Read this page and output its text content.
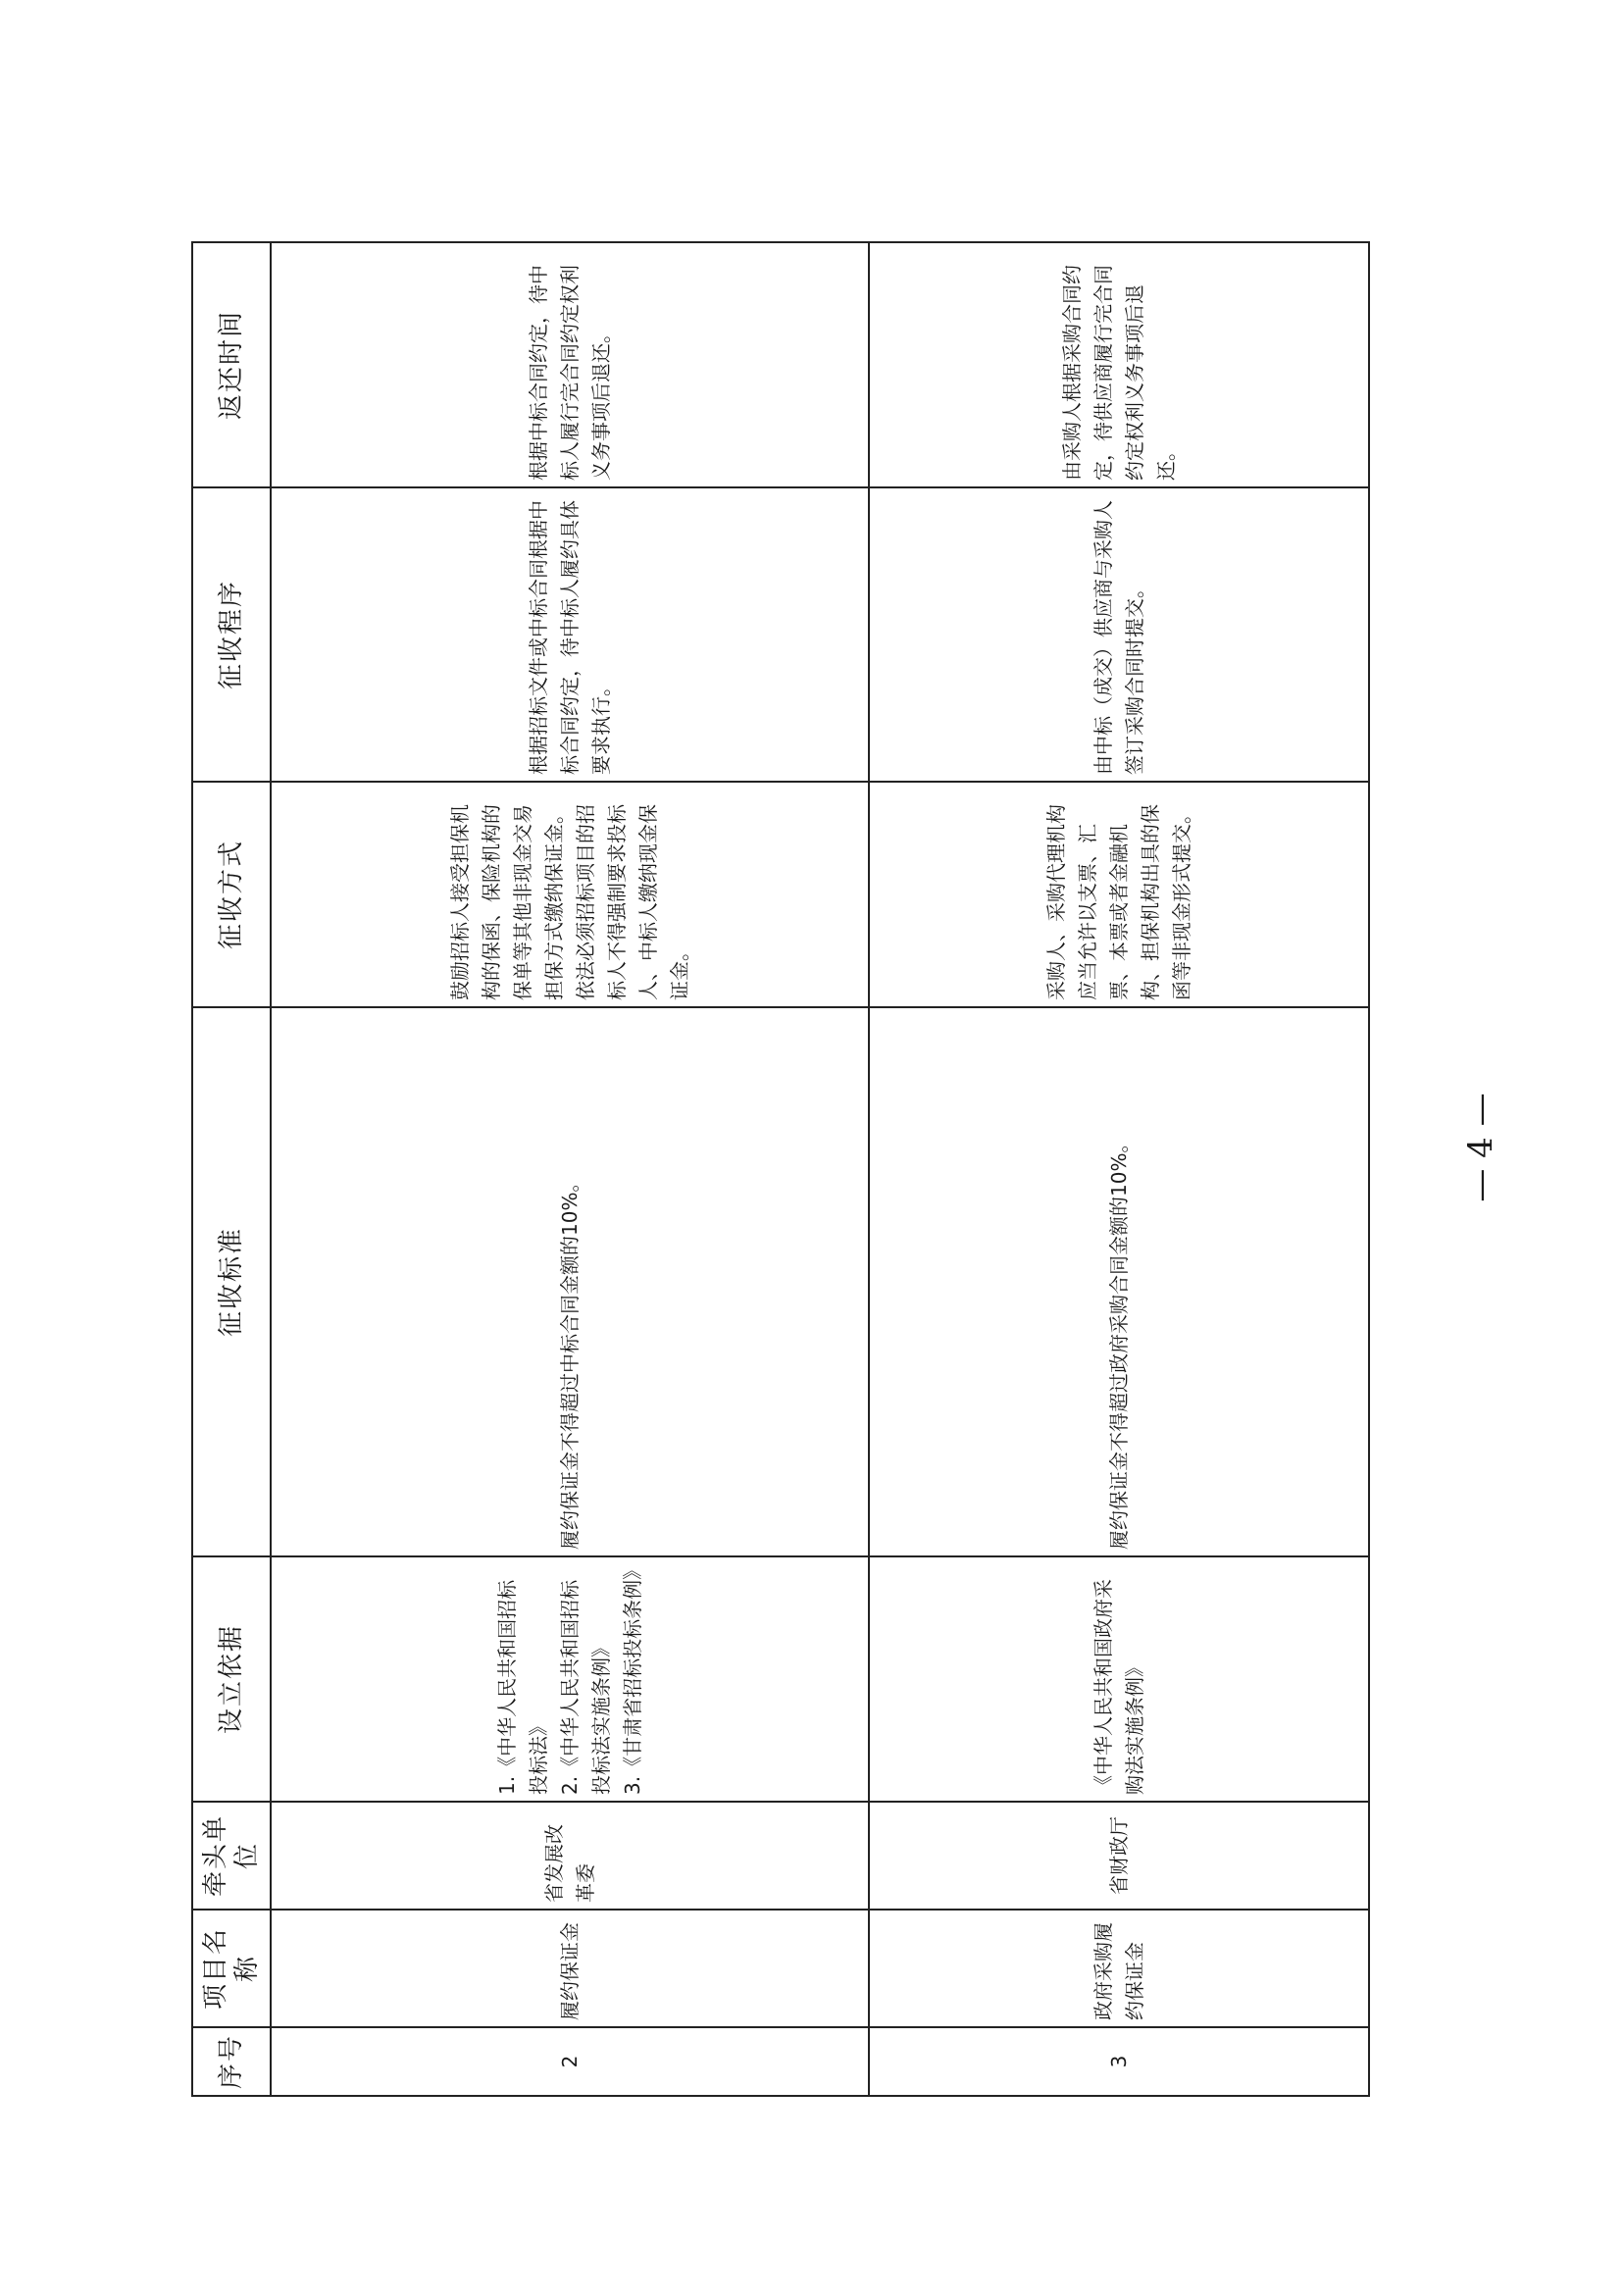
序号	项目名称	牵头单位	设立依据	征收标准	征收方式	征收程序	返还时间
2	履约保证金	省发展改革委	1.《中华人民共和国招标投标法》 2.《中华人民共和国招标投标法实施条例》 3.《甘肃省招标投标条例》	履约保证金不得超过中标合同金额的10%。	鼓励招标人接受担保机构的保函、保险机构的保单等其他非现金交易担保方式缴纳保证金。依法必须招标项目的招标人不得强制要求投标人、中标人缴纳现金保证金。	根据招标文件或中标合同根据中标合同约定，待中标人履约具体要求执行。	根据中标合同约定，待中标人履行完合同约定权利义务事项后退还。
3	政府采购履约保证金	省财政厅	《中华人民共和国政府采购法实施条例》	履约保证金不得超过政府采购合同金额的10%。	采购人、采购代理机构应当允许以支票、汇票、本票或者金融机构、担保机构出具的保函等非现金形式提交。	由中标（成交）供应商与采购人签订采购合同时提交。	由采购人根据采购合同约定，待供应商履行完合同约定权利义务事项后退还。
— 4 —
